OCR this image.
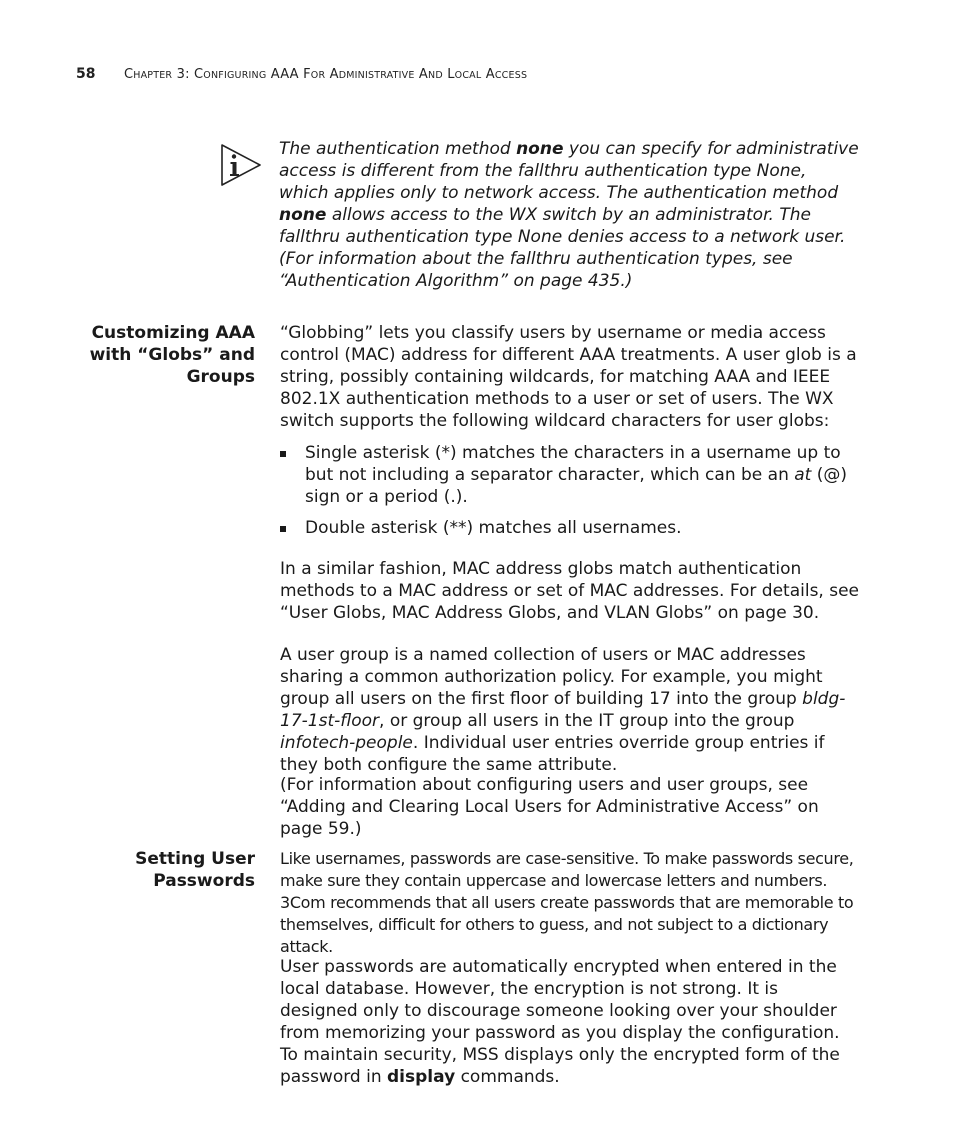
58 CHAPTER 3: CONFIGURING AAA FOR ADMINISTRATIVE AND LOCAL ACCESS

The authentication method none you can specify for administrative access is different from the fallthru authentication type None, which applies only to network access. The authentication method none allows access to the WX switch by an administrator. The fallthru authentication type None denies access to a network user. (For information about the fallthru authentication types, see “Authentication Algorithm” on page 435.)

Customizing AAA
with “Globs” and
Groups

“Globbing” lets you classify users by username or media access control (MAC) address for different AAA treatments. A user glob is a string, possibly containing wildcards, for matching AAA and IEEE 802.1X authentication methods to a user or set of users. The WX switch supports the following wildcard characters for user globs:

Single asterisk (*) matches the characters in a username up to but not including a separator character, which can be an at (@) sign or a period (.).
Double asterisk (**) matches all usernames.

In a similar fashion, MAC address globs match authentication methods to a MAC address or set of MAC addresses. For details, see “User Globs, MAC Address Globs, and VLAN Globs” on page 30.

A user group is a named collection of users or MAC addresses sharing a common authorization policy. For example, you might group all users on the first floor of building 17 into the group bldg-17-1st-floor, or group all users in the IT group into the group infotech-people. Individual user entries override group entries if they both configure the same attribute.

(For information about configuring users and user groups, see “Adding and Clearing Local Users for Administrative Access” on page 59.)

Setting User
Passwords

Like usernames, passwords are case-sensitive. To make passwords secure, make sure they contain uppercase and lowercase letters and numbers. 3Com recommends that all users create passwords that are memorable to themselves, difficult for others to guess, and not subject to a dictionary attack.

User passwords are automatically encrypted when entered in the local database. However, the encryption is not strong. It is designed only to discourage someone looking over your shoulder from memorizing your password as you display the configuration. To maintain security, MSS displays only the encrypted form of the password in display commands.
